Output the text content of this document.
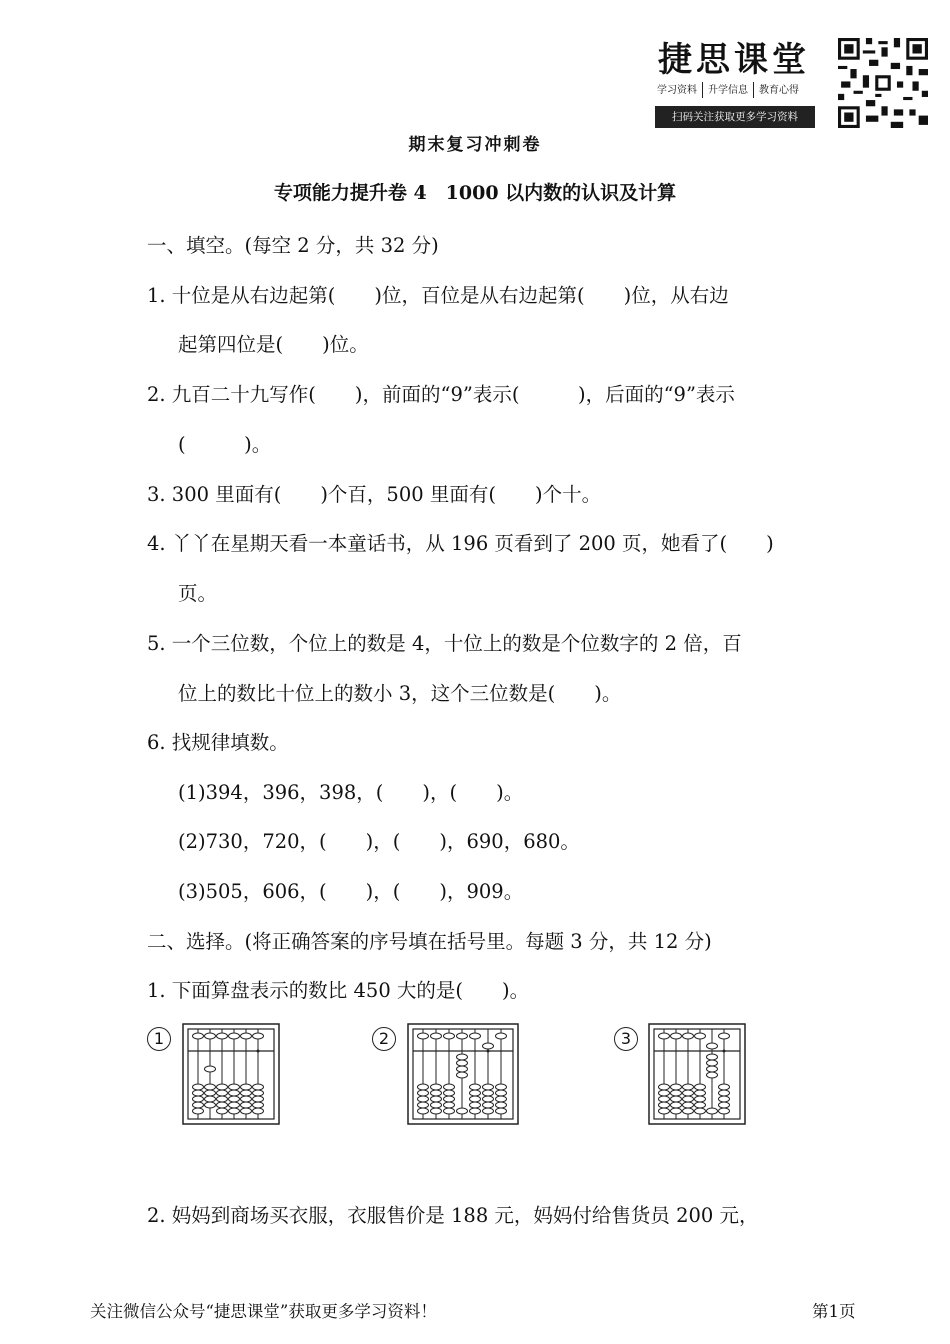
捷思课堂
学习资料 升学信息 教育心得
扫码关注获取更多学习资料
期末复习冲刺卷
专项能力提升卷 4　1000 以内数的认识及计算
一、填空。(每空 2 分，共 32 分)
1. 十位是从右边起第(　　)位，百位是从右边起第(　　)位，从右边
起第四位是(　　)位。
2. 九百二十九写作(　　)，前面的“9”表示(　　　)，后面的“9”表示
(　　　)。
3. 300 里面有(　　)个百，500 里面有(　　)个十。
4. 丫丫在星期天看一本童话书，从 196 页看到了 200 页，她看了(　　)
页。
5. 一个三位数，个位上的数是 4，十位上的数是个位数字的 2 倍，百
位上的数比十位上的数小 3，这个三位数是(　　)。
6. 找规律填数。
(1)394，396，398，(　　)，(　　)。
(2)730，720，(　　)，(　　)，690，680。
(3)505，606，(　　)，(　　)，909。
二、选择。(将正确答案的序号填在括号里。每题 3 分，共 12 分)
1. 下面算盘表示的数比 450 大的是(　　)。
1	2	3
2. 妈妈到商场买衣服，衣服售价是 188 元，妈妈付给售货员 200 元，
关注微信公众号“捷思课堂”获取更多学习资料！	第1页
